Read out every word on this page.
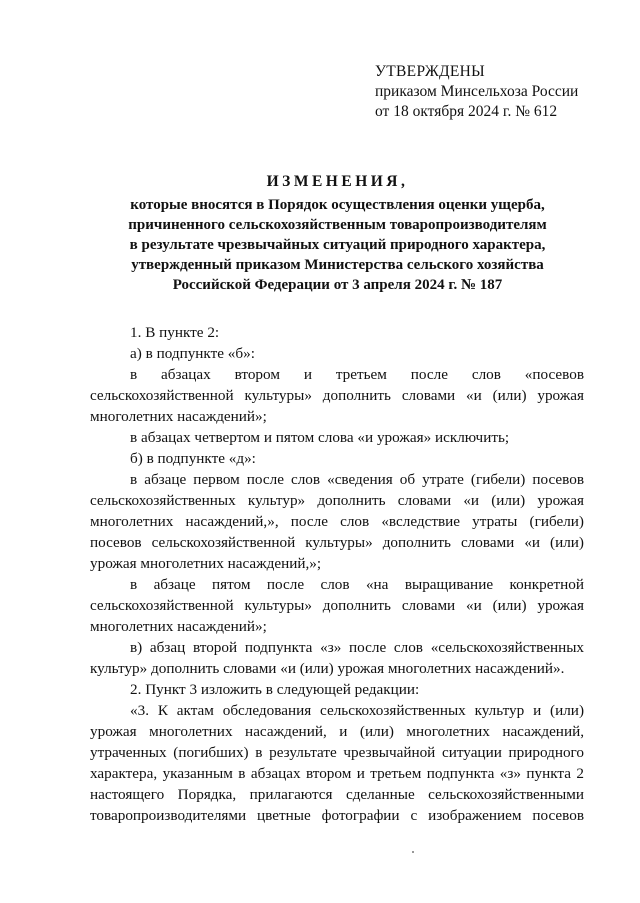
УТВЕРЖДЕНЫ
приказом Минсельхоза России
от 18 октября 2024 г. № 612
ИЗМЕНЕНИЯ,
которые вносятся в Порядок осуществления оценки ущерба,
причиненного сельскохозяйственным товаропроизводителям
в результате чрезвычайных ситуаций природного характера,
утвержденный приказом Министерства сельского хозяйства
Российской Федерации от 3 апреля 2024 г. № 187
1. В пункте 2:
а) в подпункте «б»:
в абзацах втором и третьем после слов «посевов
сельскохозяйственной культуры» дополнить словами «и (или) урожая
многолетних насаждений»;
в абзацах четвертом и пятом слова «и урожая» исключить;
б) в подпункте «д»:
в абзаце первом после слов «сведения об утрате (гибели) посевов
сельскохозяйственных культур» дополнить словами «и (или) урожая
многолетних насаждений,», после слов «вследствие утраты (гибели)
посевов сельскохозяйственной культуры» дополнить словами «и (или)
урожая многолетних насаждений,»;
в абзаце пятом после слов «на выращивание конкретной
сельскохозяйственной культуры» дополнить словами «и (или) урожая
многолетних насаждений»;
в) абзац второй подпункта «з» после слов «сельскохозяйственных
культур» дополнить словами «и (или) урожая многолетних насаждений».
2. Пункт 3 изложить в следующей редакции:
«3. К актам обследования сельскохозяйственных культур и (или)
урожая многолетних насаждений, и (или) многолетних насаждений,
утраченных (погибших) в результате чрезвычайной ситуации природного
характера, указанным в абзацах втором и третьем подпункта «з» пункта 2
настоящего Порядка, прилагаются сделанные сельскохозяйственными
товаропроизводителями цветные фотографии с изображением посевов
